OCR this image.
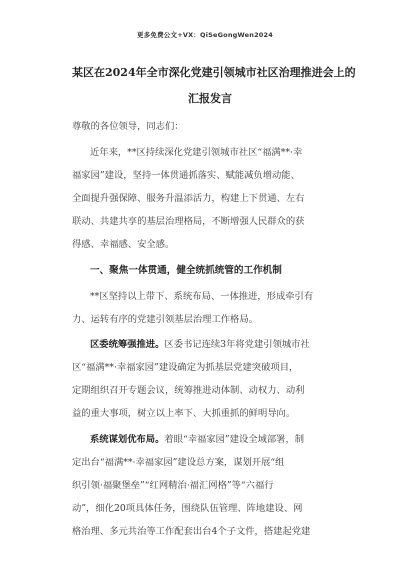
更多免费公文+VX：QiSeGongWen2024
某区在2024年全市深化党建引领城市社区治理推进会上的
汇报发言
尊敬的各位领导，同志们：
近年来，**区持续深化党建引领城市社区“福满**·幸
福家园”建设，坚持一体贯通抓落实、赋能减负增动能、
全面提升强保障、服务升温添活力，构建上下贯通、左右
联动、共建共享的基层治理格局，不断增强人民群众的获
得感、幸福感、安全感。
一、聚焦一体贯通，健全统抓统管的工作机制
**区坚持以上带下、系统布局、一体推进，形成牵引有
力、运转有序的党建引领基层治理工作格局。
区委统筹强推进。区委书记连续3年将党建引领城市社
区“福满**·幸福家园”建设确定为抓基层党建突破项目，
定期组织召开专题会议，统筹推进动体制、动权力、动利
益的重大事项，树立以上率下、大抓重抓的鲜明导向。
系统谋划优布局。着眼“幸福家园”建设全域部署，制
定出台“福满**·幸福家园”建设总方案，谋划开展“组
织引领·福聚堡垒”“红网精治·福汇网格”等“六福行
动”，细化20项具体任务，围绕队伍管理、阵地建设、网
格治理、多元共治等工作配套出台4个子文件，搭建起党建
